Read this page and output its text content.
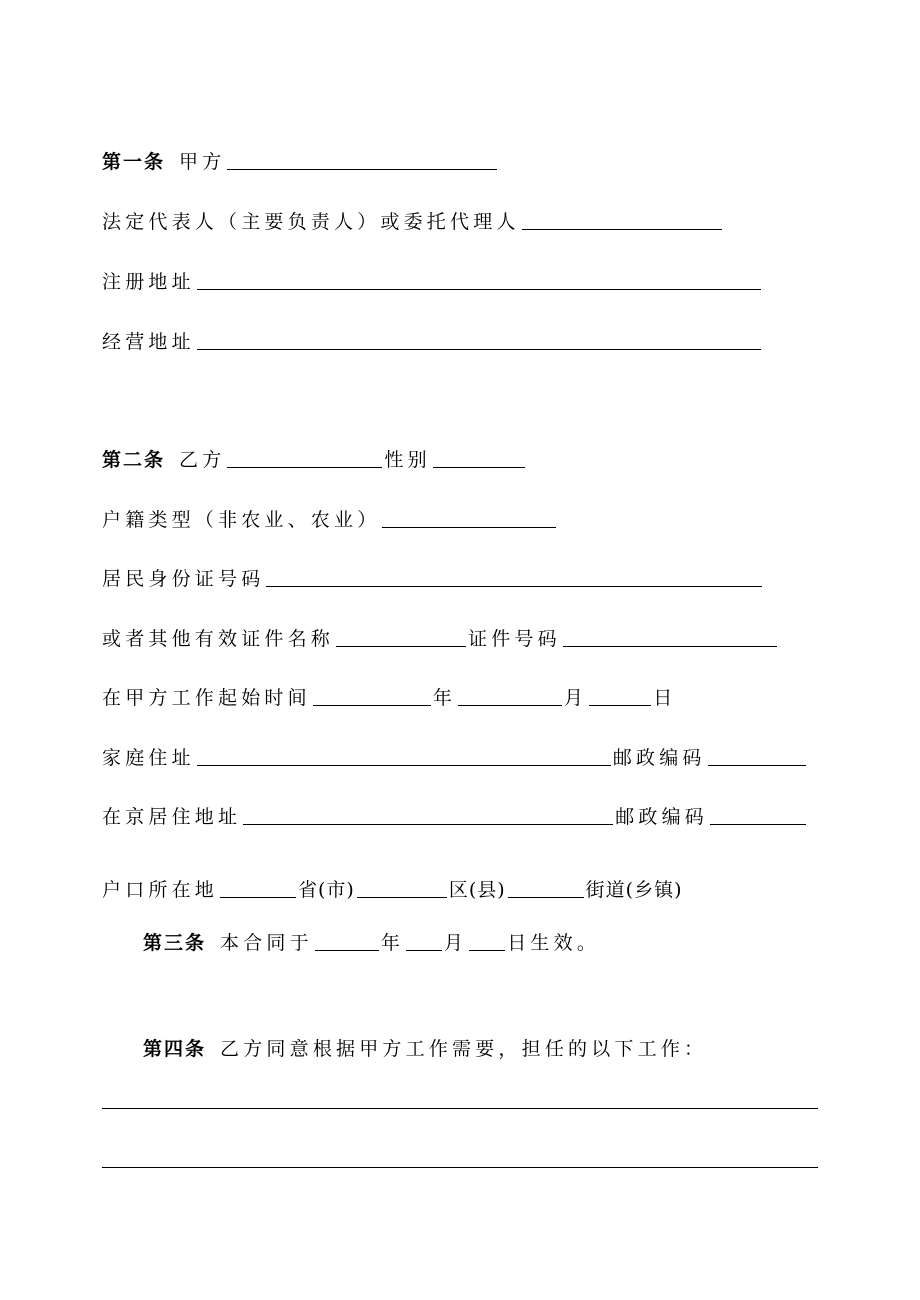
第一条 甲方
法定代表人（主要负责人）或委托代理人
注册地址
经营地址
第二条 乙方	性别
户籍类型（非农业、农业）
居民身份证号码
或者其他有效证件名称	证件号码
在甲方工作起始时间	年	月	日
家庭住址	邮政编码
在京居住地址	邮政编码
户口所在地	省(市)	区(县)	街道(乡镇)
第三条 本合同于	年 月 日生效。
第四条 乙方同意根据甲方工作需要，担任的以下工作：
